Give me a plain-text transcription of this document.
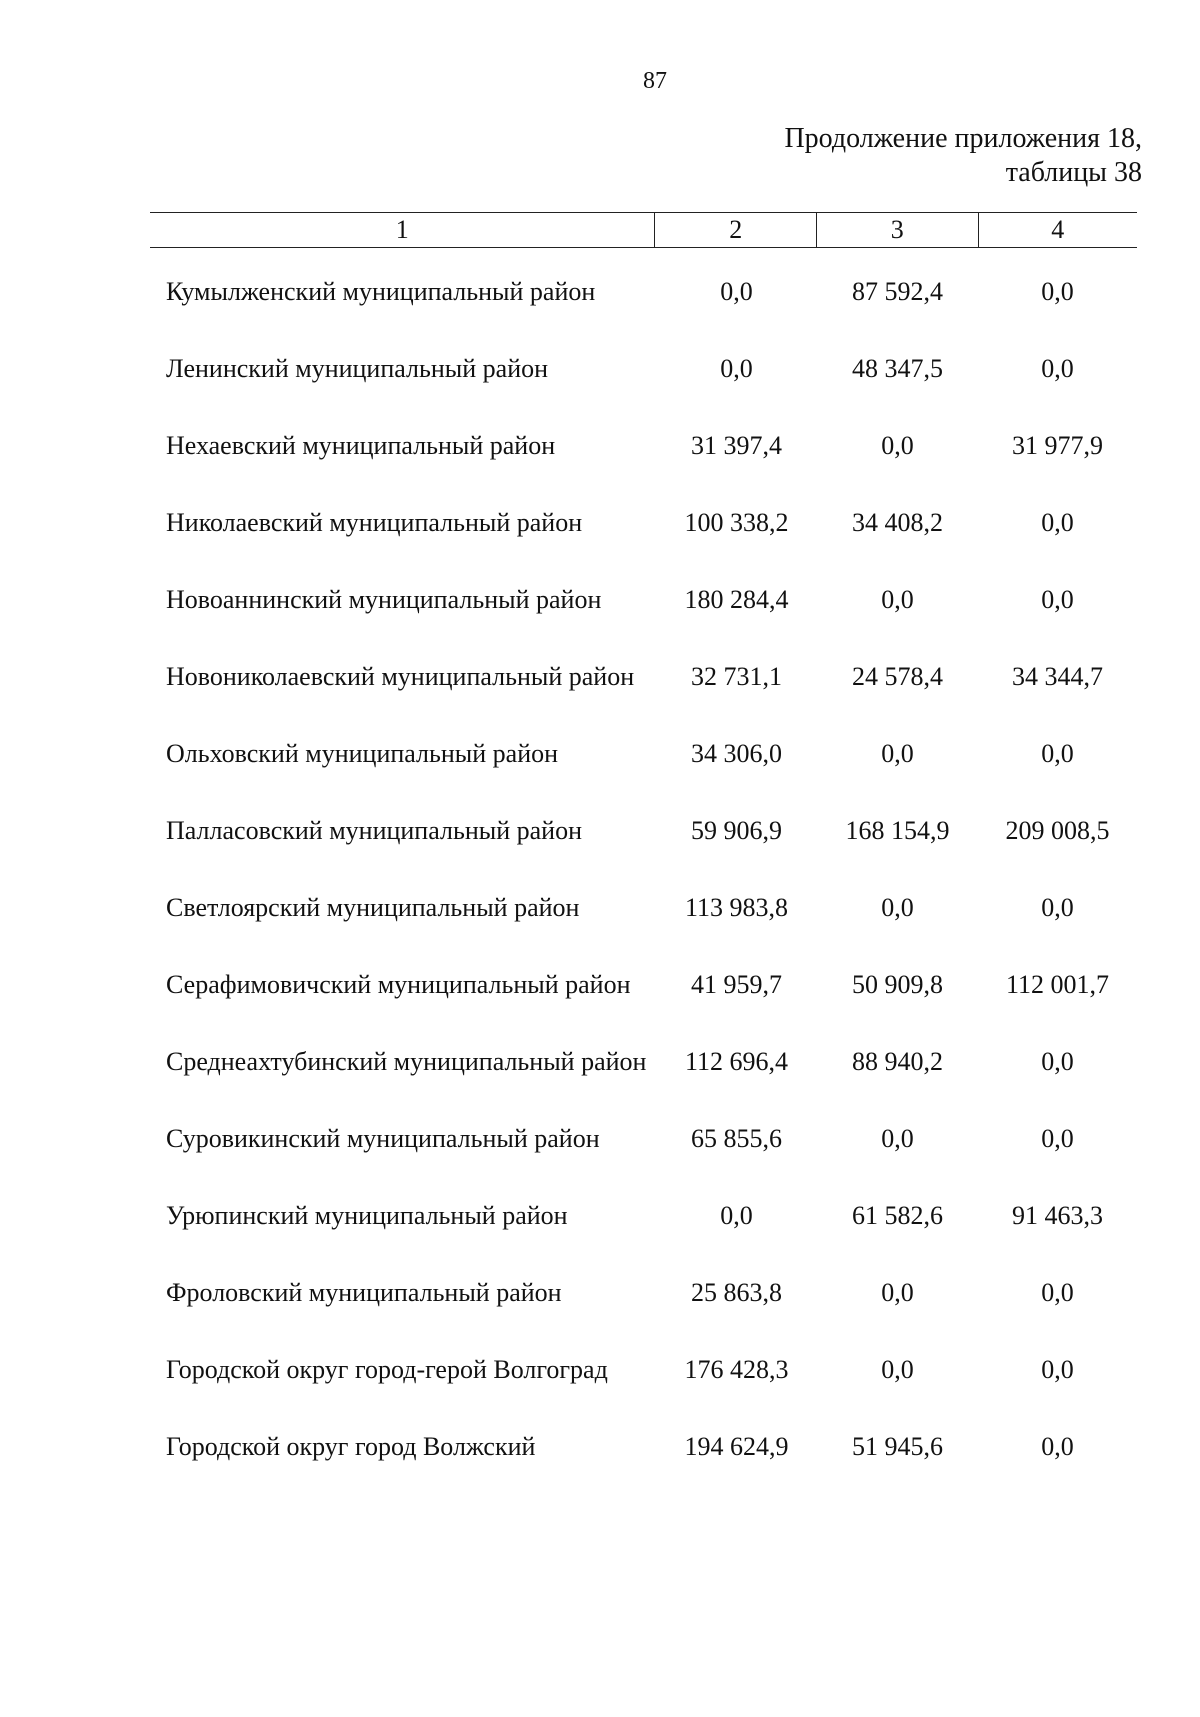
87
Продолжение приложения 18,
таблицы 38
1	2	3	4
Кумылженский муниципальный район	0,0	87 592,4	0,0
Ленинский муниципальный район	0,0	48 347,5	0,0
Нехаевский муниципальный район	31 397,4	0,0	31 977,9
Николаевский муниципальный район	100 338,2	34 408,2	0,0
Новоаннинский муниципальный район	180 284,4	0,0	0,0
Новониколаевский муниципальный район	32 731,1	24 578,4	34 344,7
Ольховский муниципальный район	34 306,0	0,0	0,0
Палласовский муниципальный район	59 906,9	168 154,9	209 008,5
Светлоярский муниципальный район	113 983,8	0,0	0,0
Серафимовичский муниципальный район	41 959,7	50 909,8	112 001,7
Среднеахтубинский муниципальный район	112 696,4	88 940,2	0,0
Суровикинский муниципальный район	65 855,6	0,0	0,0
Урюпинский муниципальный район	0,0	61 582,6	91 463,3
Фроловский муниципальный район	25 863,8	0,0	0,0
Городской округ город-герой Волгоград	176 428,3	0,0	0,0
Городской округ город Волжский	194 624,9	51 945,6	0,0
